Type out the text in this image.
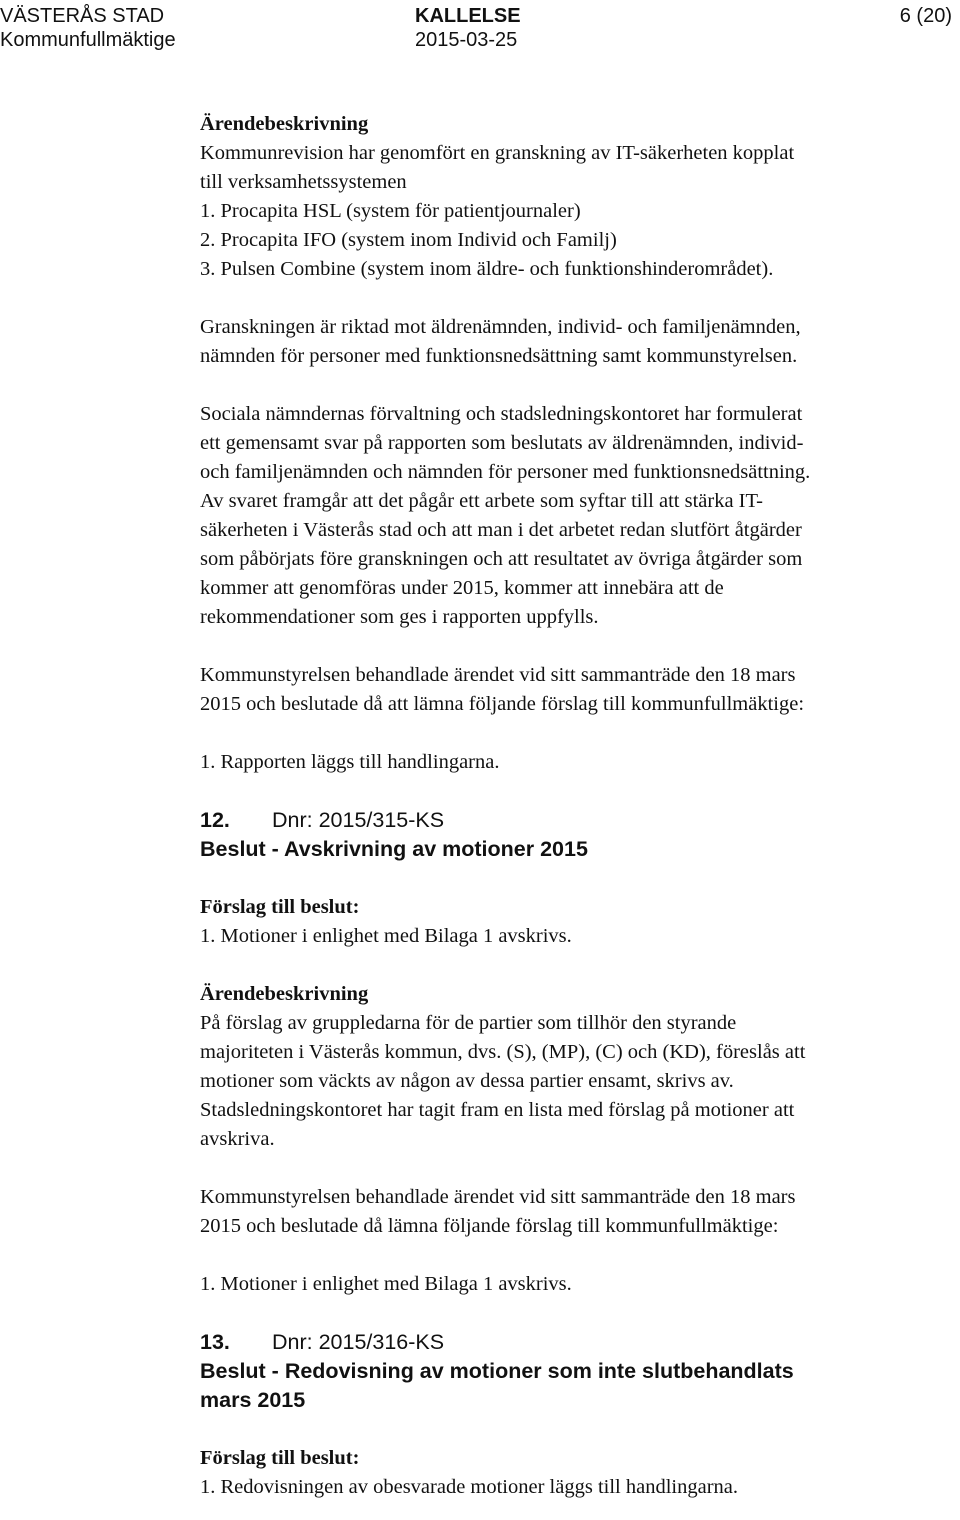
VÄSTERÅS STAD
Kommunfullmäktige
KALLELSE
2015-03-25
6 (20)

Ärendebeskrivning

Kommunrevision har genomfört en granskning av IT-säkerheten kopplat

till verksamhetssystemen

1. Procapita HSL (system för patientjournaler)

2. Procapita IFO (system inom Individ och Familj)

3. Pulsen Combine (system inom äldre- och funktionshinderområdet).

Granskningen är riktad mot äldrenämnden, individ- och familjenämnden,

nämnden för personer med funktionsnedsättning samt kommunstyrelsen.

Sociala nämndernas förvaltning och stadsledningskontoret har formulerat

ett gemensamt svar på rapporten som beslutats av äldrenämnden, individ-

och familjenämnden och nämnden för personer med funktionsnedsättning.

Av svaret framgår att det pågår ett arbete som syftar till att stärka IT-

säkerheten i Västerås stad och att man i det arbetet redan slutfört åtgärder

som påbörjats före granskningen och att resultatet av övriga åtgärder som

kommer att genomföras under 2015, kommer att innebära att de

rekommendationer som ges i rapporten uppfylls.

Kommunstyrelsen behandlade ärendet vid sitt sammanträde den 18 mars

2015 och beslutade då att lämna följande förslag till kommunfullmäktige:

1. Rapporten läggs till handlingarna.

12. Dnr: 2015/315-KS

Beslut - Avskrivning av motioner 2015

Förslag till beslut:

1. Motioner i enlighet med Bilaga 1 avskrivs.

Ärendebeskrivning

På förslag av gruppledarna för de partier som tillhör den styrande

majoriteten i Västerås kommun, dvs. (S), (MP), (C) och (KD), föreslås att

motioner som väckts av någon av dessa partier ensamt, skrivs av.

Stadsledningskontoret har tagit fram en lista med förslag på motioner att

avskriva.

Kommunstyrelsen behandlade ärendet vid sitt sammanträde den 18 mars

2015 och beslutade då lämna följande förslag till kommunfullmäktige:

1. Motioner i enlighet med Bilaga 1 avskrivs.

13. Dnr: 2015/316-KS

Beslut - Redovisning av motioner som inte slutbehandlats

mars 2015

Förslag till beslut:

1. Redovisningen av obesvarade motioner läggs till handlingarna.
